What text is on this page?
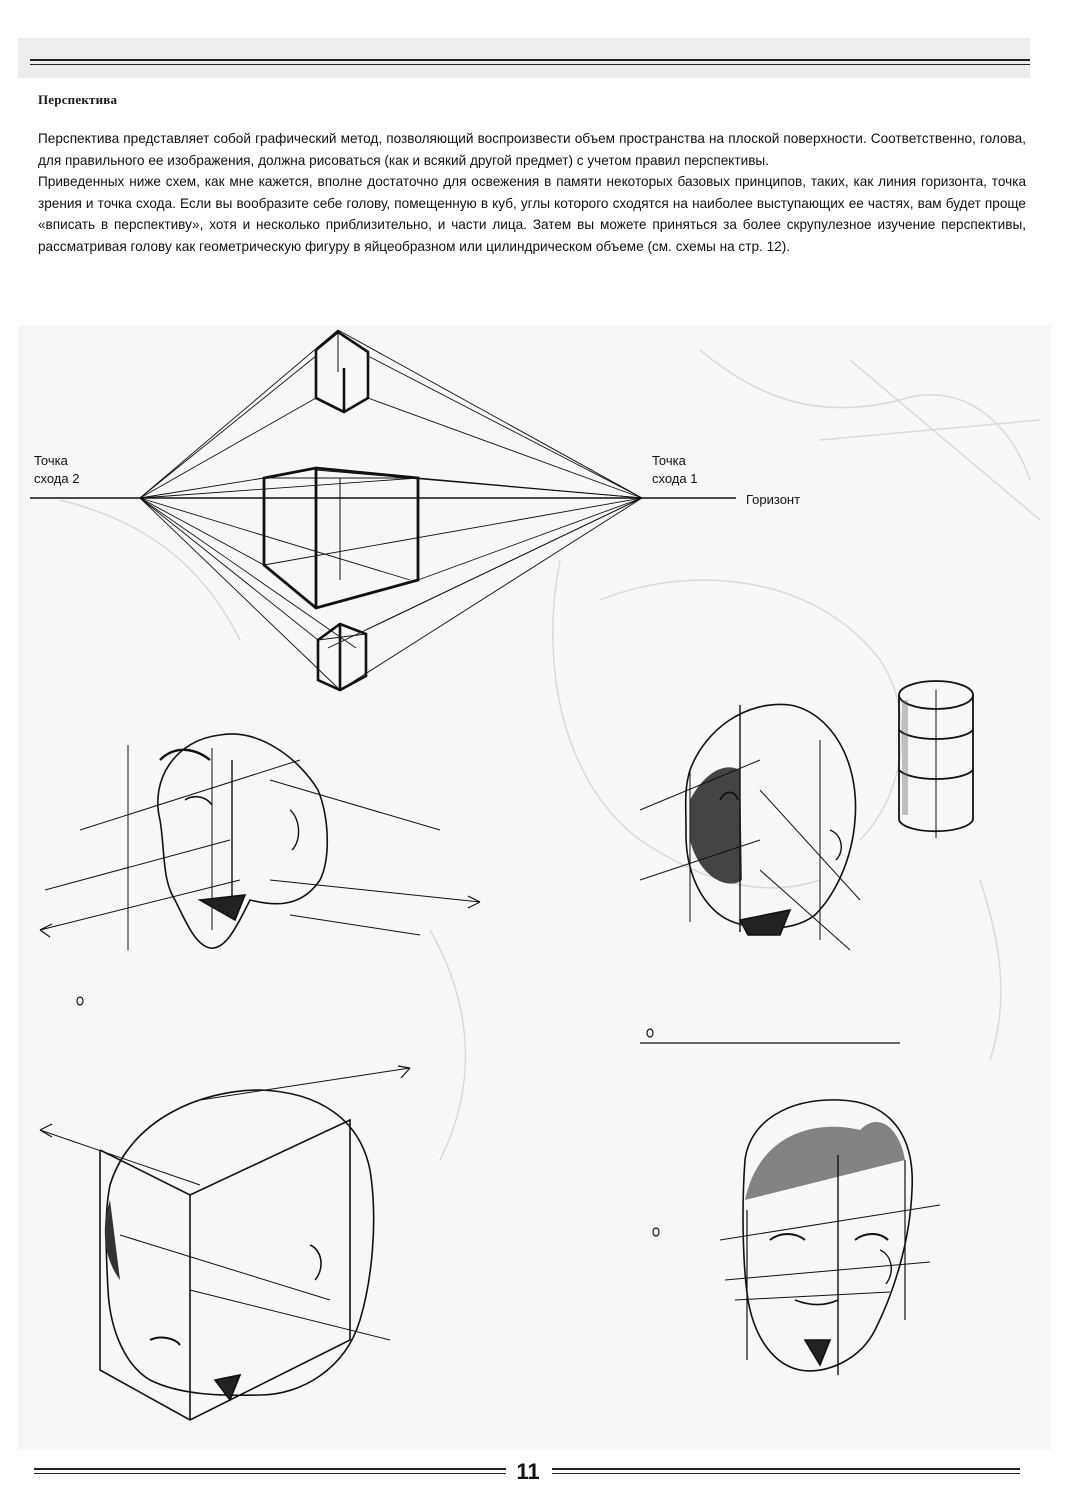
Перспектива

Перспектива представляет собой графический метод, позволяющий воспроизвести объем пространства на плоской поверхности. Соответственно, голова, для правильного ее изображения, должна рисоваться (как и всякий другой предмет) с учетом правил перспективы.

Приведенных ниже схем, как мне кажется, вполне достаточно для освежения в памяти некоторых базовых принципов, таких, как линия горизонта, точка зрения и точка схода. Если вы вообразите себе голову, помещенную в куб, углы которого сходятся на наиболее выступающих ее частях, вам будет проще «вписать в перспективу», хотя и несколько приблизительно, и части лица. Затем вы можете приняться за более скрупулезное изучение перспективы, рассматривая голову как геометрическую фигуру в яйцеобразном или цилиндрическом объеме (см. схемы на стр. 12).

Точка
схода 2
Точка
схода 1
Горизонт
11
